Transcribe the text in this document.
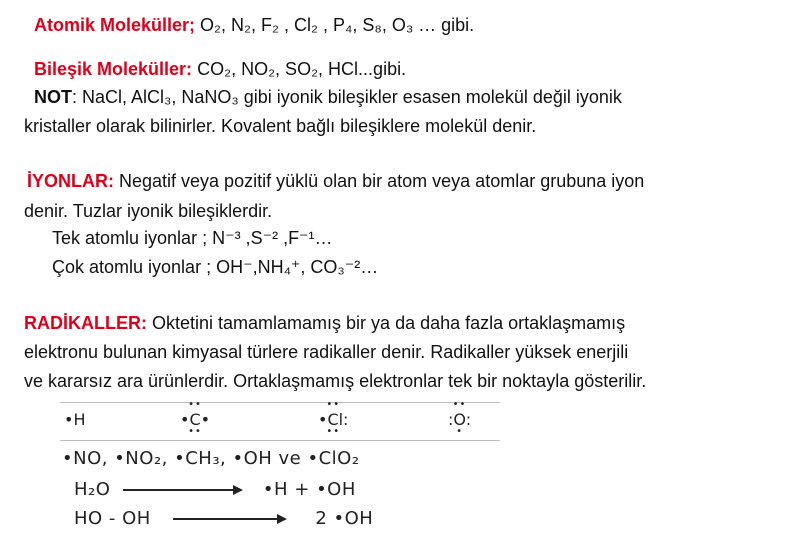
Atomik Moleküller; O₂, N₂, F₂ , Cl₂ , P₄, S₈, O₃ … gibi.
Bileşik Moleküller: CO₂, NO₂, SO₂, HCl...gibi.
NOT: NaCl, AlCl₃, NaNO₃ gibi iyonik bileşikler esasen molekül değil iyonik
kristaller olarak bilinirler. Kovalent bağlı bileşiklere molekül denir.
İYONLAR: Negatif veya pozitif yüklü olan bir atom veya atomlar grubuna iyon
denir. Tuzlar iyonik bileşiklerdir.
Tek atomlu iyonlar ; N⁻³ ,S⁻² ,F⁻¹…
Çok atomlu iyonlar ; OH⁻,NH₄⁺, CO₃⁻²…
RADİKALLER: Oktetini tamamlamamış bir ya da daha fazla ortaklaşmamış
elektronu bulunan kimyasal türlere radikaller denir. Radikaller yüksek enerjili
ve kararsız ara ürünlerdir. Ortaklaşmamış elektronlar tek bir noktayla gösterilir.
•H
••
•C•
••
••
•Cl:
••
••
:O:
•
•NO, •NO₂, •CH₃, •OH ve •ClO₂
H₂O	•H + •OH
HO - OH	2 •OH
